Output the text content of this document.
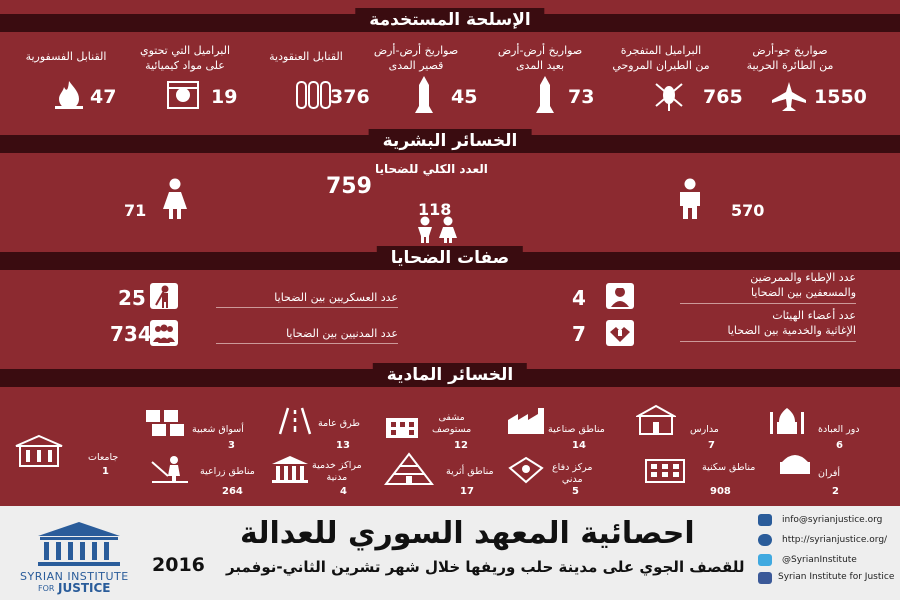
الإسلحة المستخدمة
الخسائر البشرية
صفات الضحايا
الخسائر المادية
صواريخ جو-أرض
من الطائرة الحربية
1550
البراميل المتفجرة
من الطيران المروحي
765
صواريخ أرض-أرض
بعيد المدى
73
صواريخ أرض-أرض
قصير المدى
45
القنابل العنقودية
376
البراميل التي تحتوي
على مواد كيميائية
19
القنابل الفسفورية
47
العدد الكلي للضحايا
759
570
118
71
عدد الإطباء والممرضين
والمسعفين بين الضحايا
4
عدد العسكريين بين الضحايا
25
عدد أعضاء الهيئات
الإغاثية والخدمية بين الضحايا
7
عدد المدنيين بين الضحايا
734
دور العبادة
6
مدارس
7
مناطق صناعية
14
مشفى
مستوصف
12
طرق عامة
13
أسواق شعبية
3
جامعات
1	أفران
2
مناطق سكنية
908
مركز دفاع
مدني
5
مناطق أثرية
17
مراكز خدمية
مدنية
4
مناطق زراعية
264
SYRIAN INSTITUTE
FOR JUSTICE
احصائية المعهد السوري للعدالة
للقصف الجوي على مدينة حلب وريفها خلال شهر تشرين الثاني-نوفمبر
2016
info@syrianjustice.org
http://syrianjustice.org/
@SyrianInstitute
Syrian Institute for Justice
